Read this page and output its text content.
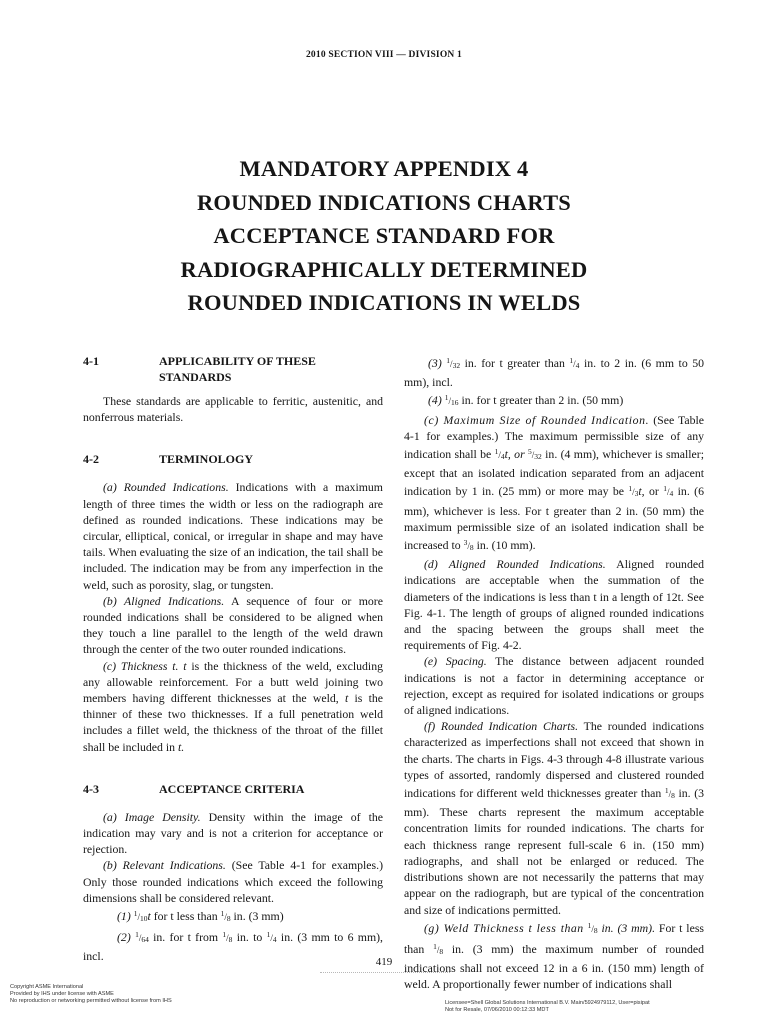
2010 SECTION VIII — DIVISION 1
MANDATORY APPENDIX 4
ROUNDED INDICATIONS CHARTS
ACCEPTANCE STANDARD FOR
RADIOGRAPHICALLY DETERMINED
ROUNDED INDICATIONS IN WELDS
4-1	APPLICABILITY OF THESE STANDARDS

These standards are applicable to ferritic, austenitic, and nonferrous materials.

4-2	TERMINOLOGY

(a) Rounded Indications. Indications with a maximum length of three times the width or less on the radiograph are defined as rounded indications. These indications may be circular, elliptical, conical, or irregular in shape and may have tails. When evaluating the size of an indication, the tail shall be included. The indication may be from any imperfection in the weld, such as porosity, slag, or tungsten.

(b) Aligned Indications. A sequence of four or more rounded indications shall be considered to be aligned when they touch a line parallel to the length of the weld drawn through the center of the two outer rounded indications.

(c) Thickness t. t is the thickness of the weld, excluding any allowable reinforcement. For a butt weld joining two members having different thicknesses at the weld, t is the thinner of these two thicknesses. If a full penetration weld includes a fillet weld, the thickness of the throat of the fillet shall be included in t.

4-3	ACCEPTANCE CRITERIA

(a) Image Density. Density within the image of the indication may vary and is not a criterion for acceptance or rejection.

(b) Relevant Indications. (See Table 4-1 for examples.) Only those rounded indications which exceed the following dimensions shall be considered relevant.

(1) $^1/_{10}t$ for t less than $^1/_8$ in. (3 mm)

(2) $^1/_{64}$ in. for t from $^1/_8$ in. to $^1/_4$ in. (3 mm to 6 mm), incl.

(3) $^1/_{32}$ in. for t greater than $^1/_4$ in. to 2 in. (6 mm to 50 mm), incl.

(4) $^1/_{16}$ in. for t greater than 2 in. (50 mm)

(c) Maximum Size of Rounded Indication. (See Table 4-1 for examples.) The maximum permissible size of any indication shall be $^1/_4t$, or $^5/_{32}$ in. (4 mm), whichever is smaller; except that an isolated indication separated from an adjacent indication by 1 in. (25 mm) or more may be $^1/_3t$, or $^1/_4$ in. (6 mm), whichever is less. For t greater than 2 in. (50 mm) the maximum permissible size of an isolated indication shall be increased to $^3/_8$ in. (10 mm).

(d) Aligned Rounded Indications. Aligned rounded indications are acceptable when the summation of the diameters of the indications is less than t in a length of 12t. See Fig. 4-1. The length of groups of aligned rounded indications and the spacing between the groups shall meet the requirements of Fig. 4-2.

(e) Spacing. The distance between adjacent rounded indications is not a factor in determining acceptance or rejection, except as required for isolated indications or groups of aligned indications.

(f) Rounded Indication Charts. The rounded indications characterized as imperfections shall not exceed that shown in the charts. The charts in Figs. 4-3 through 4-8 illustrate various types of assorted, randomly dispersed and clustered rounded indications for different weld thicknesses greater than $^1/_8$ in. (3 mm). These charts represent the maximum acceptable concentration limits for rounded indications. The charts for each thickness range represent full-scale 6 in. (150 mm) radiographs, and shall not be enlarged or reduced. The distributions shown are not necessarily the patterns that may appear on the radiograph, but are typical of the concentration and size of indications permitted.

(g) Weld Thickness t less than $^1/_8$ in. (3 mm). For t less than $^1/_8$ in. (3 mm) the maximum number of rounded indications shall not exceed 12 in a 6 in. (150 mm) length of weld. A proportionally fewer number of indications shall

419
Copyright ASME International
Provided by IHS under license with ASME
No reproduction or networking permitted without license from IHS	Licensee=Shell Global Solutions International B.V. Main/5924979112, User=pisipat
Not for Resale, 07/06/2010 00:12:33 MDT
